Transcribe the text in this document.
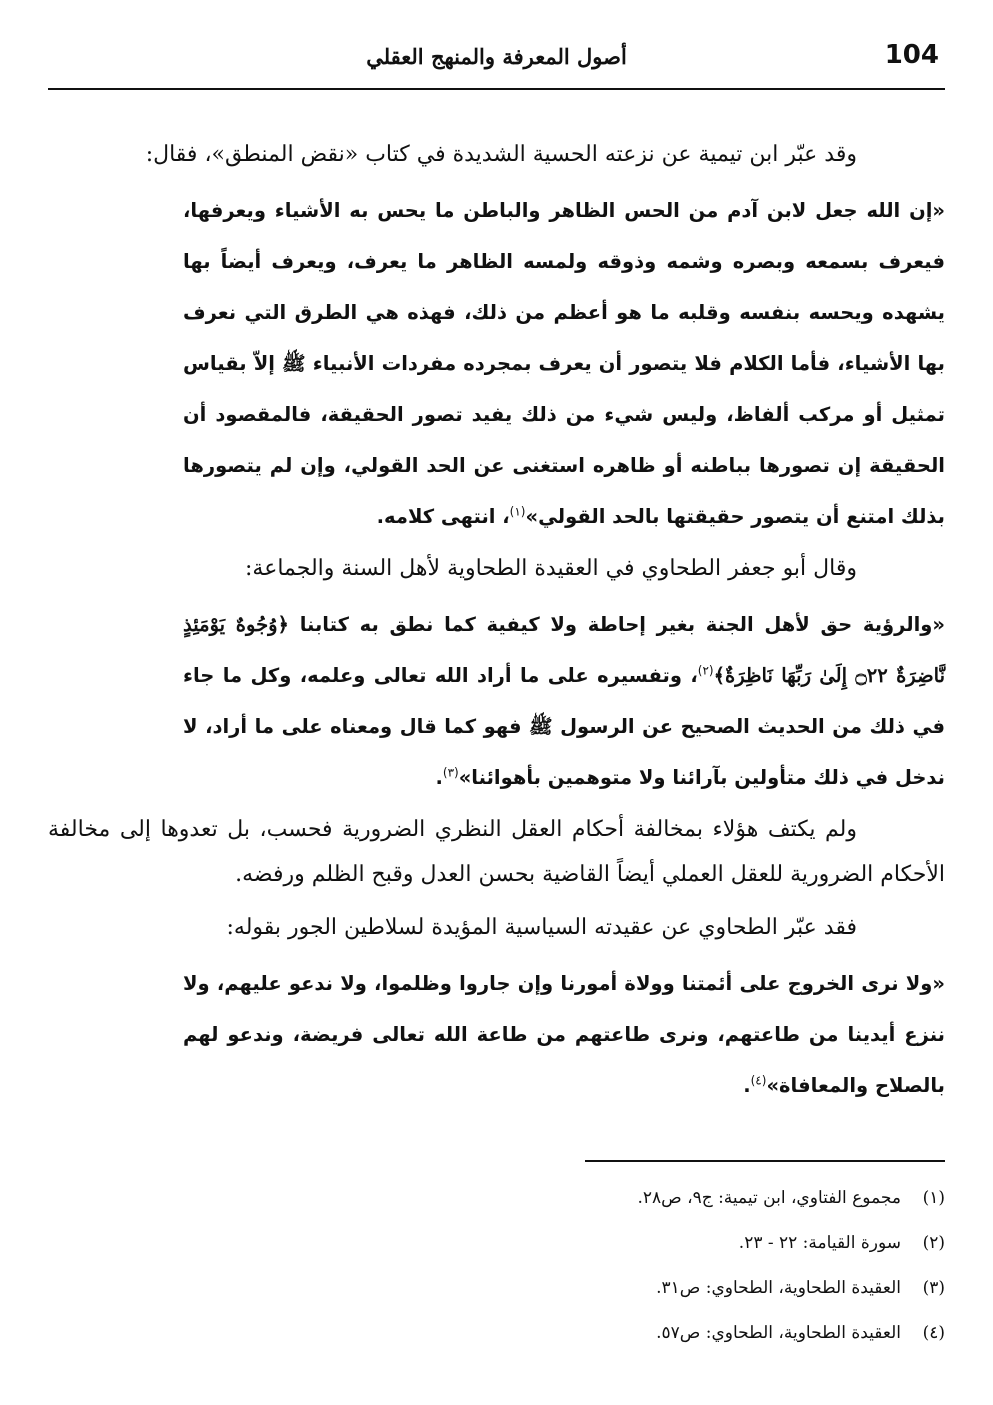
104
أصول المعرفة والمنهج العقلي

وقد عبّر ابن تيمية عن نزعته الحسية الشديدة في كتاب «نقض المنطق»، فقال:

«إن الله جعل لابن آدم من الحس الظاهر والباطن ما يحس به الأشياء ويعرفها، فيعرف بسمعه وبصره وشمه وذوقه ولمسه الظاهر ما يعرف، ويعرف أيضاً بها يشهده ويحسه بنفسه وقلبه ما هو أعظم من ذلك، فهذه هي الطرق التي نعرف بها الأشياء، فأما الكلام فلا يتصور أن يعرف بمجرده مفردات الأنبياء ﷺ إلاّ بقياس تمثيل أو مركب ألفاظ، وليس شيء من ذلك يفيد تصور الحقيقة، فالمقصود أن الحقيقة إن تصورها بباطنه أو ظاهره استغنى عن الحد القولي، وإن لم يتصورها بذلك امتنع أن يتصور حقيقتها بالحد القولي»$^{(١)}$، انتهى كلامه.

وقال أبو جعفر الطحاوي في العقيدة الطحاوية لأهل السنة والجماعة:

«والرؤية حق لأهل الجنة بغير إحاطة ولا كيفية كما نطق به كتابنا ﴿وُجُوهٌ يَوْمَئِذٍ نَّاضِرَةٌ ۝٢٢ إِلَىٰ رَبِّهَا نَاظِرَةٌ﴾$^{(٢)}$، وتفسيره على ما أراد الله تعالى وعلمه، وكل ما جاء في ذلك من الحديث الصحيح عن الرسول ﷺ فهو كما قال ومعناه على ما أراد، لا ندخل في ذلك متأولين بآرائنا ولا متوهمين بأهوائنا»$^{(٣)}$.

ولم يكتف هؤلاء بمخالفة أحكام العقل النظري الضرورية فحسب، بل تعدوها إلى مخالفة الأحكام الضرورية للعقل العملي أيضاً القاضية بحسن العدل وقبح الظلم ورفضه.

فقد عبّر الطحاوي عن عقيدته السياسية المؤيدة لسلاطين الجور بقوله:

«ولا نرى الخروج على أئمتنا وولاة أمورنا وإن جاروا وظلموا، ولا ندعو عليهم، ولا ننزع أيدينا من طاعتهم، ونرى طاعتهم من طاعة الله تعالى فريضة، وندعو لهم بالصلاح والمعافاة»$^{(٤)}$.

(١)مجموع الفتاوي، ابن تيمية: ج٩، ص٢٨.

(٢)سورة القيامة: ٢٢ - ٢٣.

(٣)العقيدة الطحاوية، الطحاوي: ص٣١.

(٤)العقيدة الطحاوية، الطحاوي: ص٥٧.
